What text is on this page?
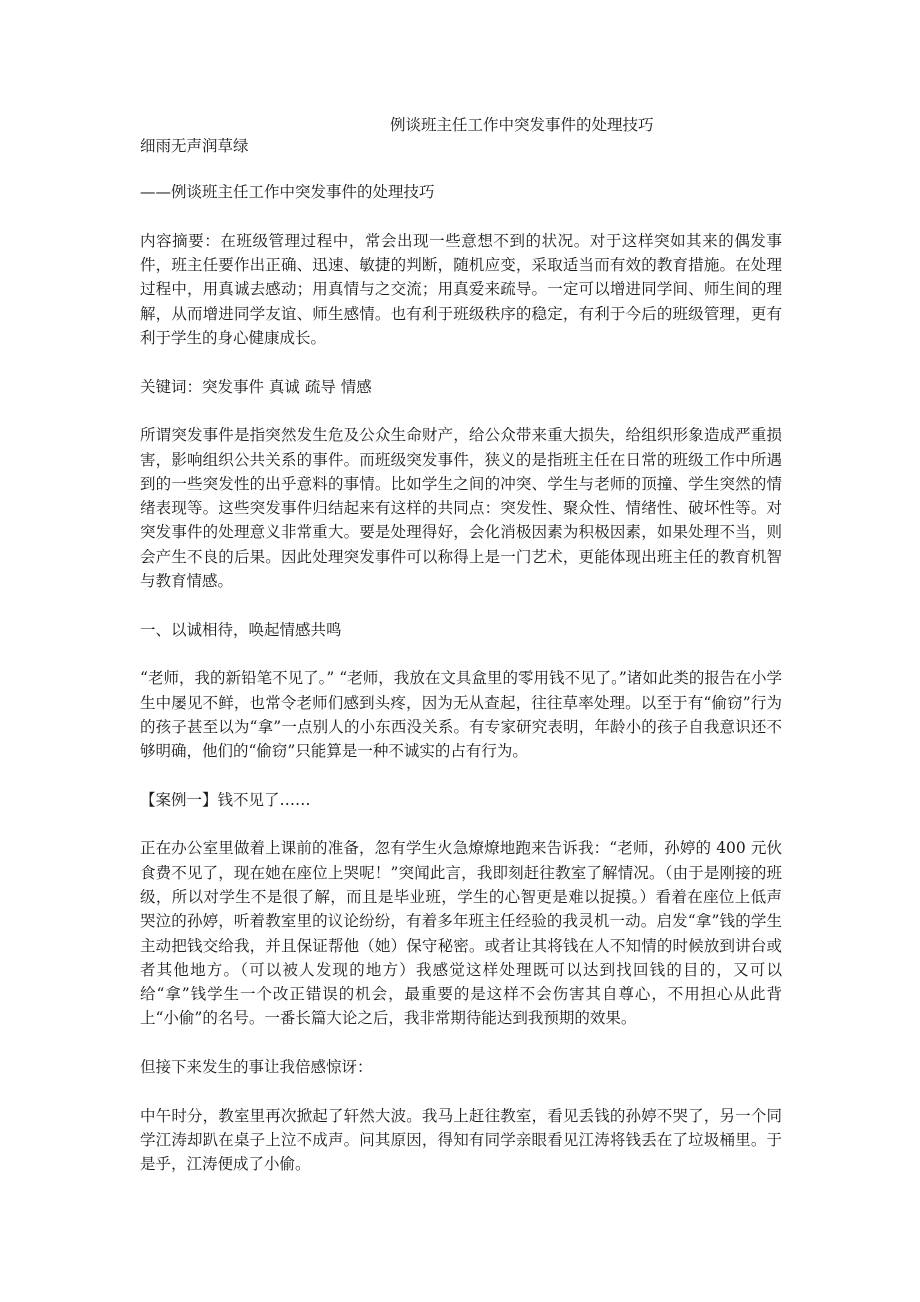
例谈班主任工作中突发事件的处理技巧

细雨无声润草绿

——例谈班主任工作中突发事件的处理技巧

内容摘要：在班级管理过程中，常会出现一些意想不到的状况。对于这样突如其来的偶发事件，班主任要作出正确、迅速、敏捷的判断，随机应变，采取适当而有效的教育措施。在处理过程中，用真诚去感动；用真情与之交流；用真爱来疏导。一定可以增进同学间、师生间的理解，从而增进同学友谊、师生感情。也有利于班级秩序的稳定，有利于今后的班级管理，更有利于学生的身心健康成长。

关键词：突发事件 真诚 疏导 情感

所谓突发事件是指突然发生危及公众生命财产，给公众带来重大损失，给组织形象造成严重损害，影响组织公共关系的事件。而班级突发事件，狭义的是指班主任在日常的班级工作中所遇到的一些突发性的出乎意料的事情。比如学生之间的冲突、学生与老师的顶撞、学生突然的情绪表现等。这些突发事件归结起来有这样的共同点：突发性、聚众性、情绪性、破坏性等。对突发事件的处理意义非常重大。要是处理得好，会化消极因素为积极因素，如果处理不当，则会产生不良的后果。因此处理突发事件可以称得上是一门艺术，更能体现出班主任的教育机智与教育情感。

一、以诚相待，唤起情感共鸣

“老师，我的新铅笔不见了。” “老师，我放在文具盒里的零用钱不见了。”诸如此类的报告在小学生中屡见不鲜，也常令老师们感到头疼，因为无从查起，往往草率处理。以至于有“偷窃”行为的孩子甚至以为“拿”一点别人的小东西没关系。有专家研究表明，年龄小的孩子自我意识还不够明确，他们的“偷窃”只能算是一种不诚实的占有行为。

【案例一】钱不见了……

正在办公室里做着上课前的准备，忽有学生火急燎燎地跑来告诉我：“老师，孙婷的 400 元伙食费不见了，现在她在座位上哭呢！”突闻此言，我即刻赶往教室了解情况。（由于是刚接的班级，所以对学生不是很了解，而且是毕业班，学生的心智更是难以捉摸。）看着在座位上低声哭泣的孙婷，听着教室里的议论纷纷，有着多年班主任经验的我灵机一动。启发“拿”钱的学生主动把钱交给我，并且保证帮他（她）保守秘密。或者让其将钱在人不知情的时候放到讲台或者其他地方。（可以被人发现的地方）我感觉这样处理既可以达到找回钱的目的，又可以给“拿”钱学生一个改正错误的机会，最重要的是这样不会伤害其自尊心，不用担心从此背上“小偷”的名号。一番长篇大论之后，我非常期待能达到我预期的效果。

但接下来发生的事让我倍感惊讶：

中午时分，教室里再次掀起了轩然大波。我马上赶往教室，看见丢钱的孙婷不哭了，另一个同学江涛却趴在桌子上泣不成声。问其原因，得知有同学亲眼看见江涛将钱丢在了垃圾桶里。于是乎，江涛便成了小偷。
